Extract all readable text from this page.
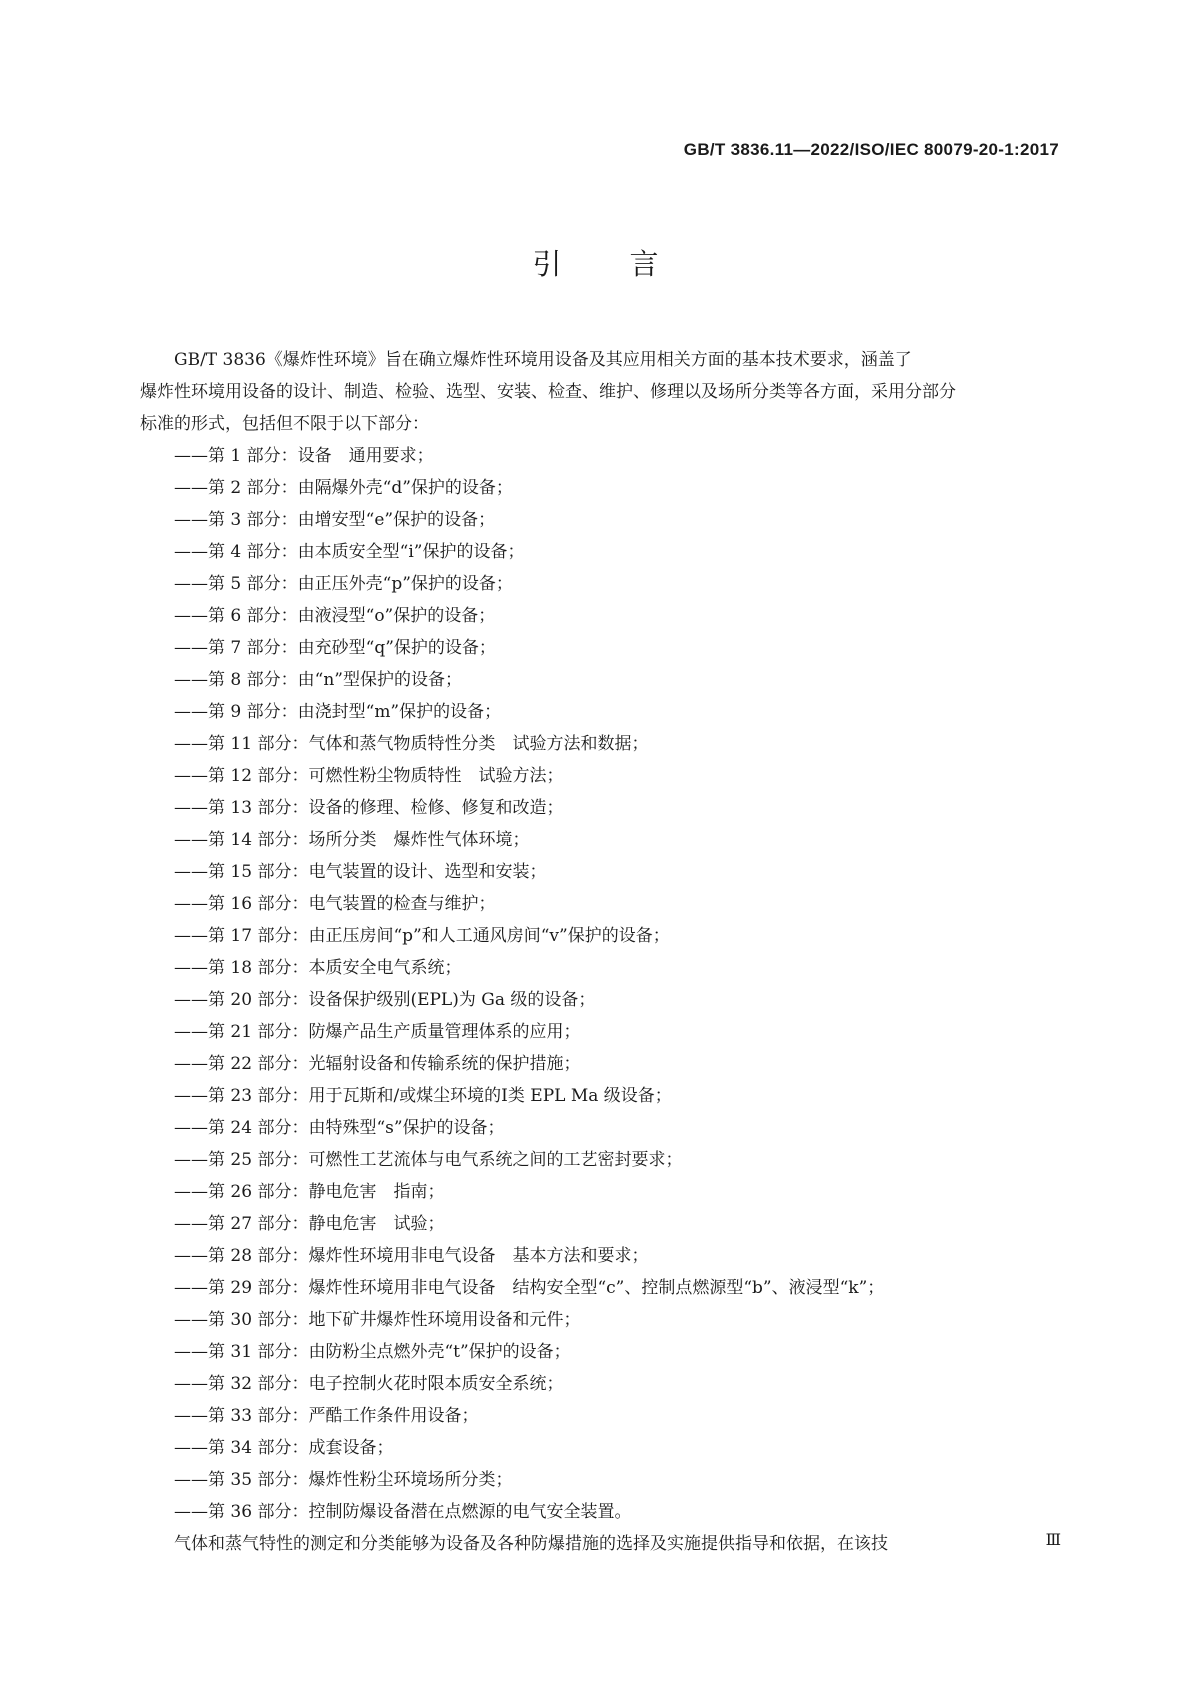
GB/T 3836.11—2022/ISO/IEC 80079-20-1:2017
引 言
GB/T 3836《爆炸性环境》旨在确立爆炸性环境用设备及其应用相关方面的基本技术要求，涵盖了
爆炸性环境用设备的设计、制造、检验、选型、安装、检查、维护、修理以及场所分类等各方面，采用分部分
标准的形式，包括但不限于以下部分：
——第 1 部分：设备　通用要求；
——第 2 部分：由隔爆外壳“d”保护的设备；
——第 3 部分：由增安型“e”保护的设备；
——第 4 部分：由本质安全型“i”保护的设备；
——第 5 部分：由正压外壳“p”保护的设备；
——第 6 部分：由液浸型“o”保护的设备；
——第 7 部分：由充砂型“q”保护的设备；
——第 8 部分：由“n”型保护的设备；
——第 9 部分：由浇封型“m”保护的设备；
——第 11 部分：气体和蒸气物质特性分类　试验方法和数据；
——第 12 部分：可燃性粉尘物质特性　试验方法；
——第 13 部分：设备的修理、检修、修复和改造；
——第 14 部分：场所分类　爆炸性气体环境；
——第 15 部分：电气装置的设计、选型和安装；
——第 16 部分：电气装置的检查与维护；
——第 17 部分：由正压房间“p”和人工通风房间“v”保护的设备；
——第 18 部分：本质安全电气系统；
——第 20 部分：设备保护级别(EPL)为 Ga 级的设备；
——第 21 部分：防爆产品生产质量管理体系的应用；
——第 22 部分：光辐射设备和传输系统的保护措施；
——第 23 部分：用于瓦斯和/或煤尘环境的Ⅰ类 EPL Ma 级设备；
——第 24 部分：由特殊型“s”保护的设备；
——第 25 部分：可燃性工艺流体与电气系统之间的工艺密封要求；
——第 26 部分：静电危害　指南；
——第 27 部分：静电危害　试验；
——第 28 部分：爆炸性环境用非电气设备　基本方法和要求；
——第 29 部分：爆炸性环境用非电气设备　结构安全型“c”、控制点燃源型“b”、液浸型“k”；
——第 30 部分：地下矿井爆炸性环境用设备和元件；
——第 31 部分：由防粉尘点燃外壳“t”保护的设备；
——第 32 部分：电子控制火花时限本质安全系统；
——第 33 部分：严酷工作条件用设备；
——第 34 部分：成套设备；
——第 35 部分：爆炸性粉尘环境场所分类；
——第 36 部分：控制防爆设备潜在点燃源的电气安全装置。
气体和蒸气特性的测定和分类能够为设备及各种防爆措施的选择及实施提供指导和依据，在该技	Ⅲ
